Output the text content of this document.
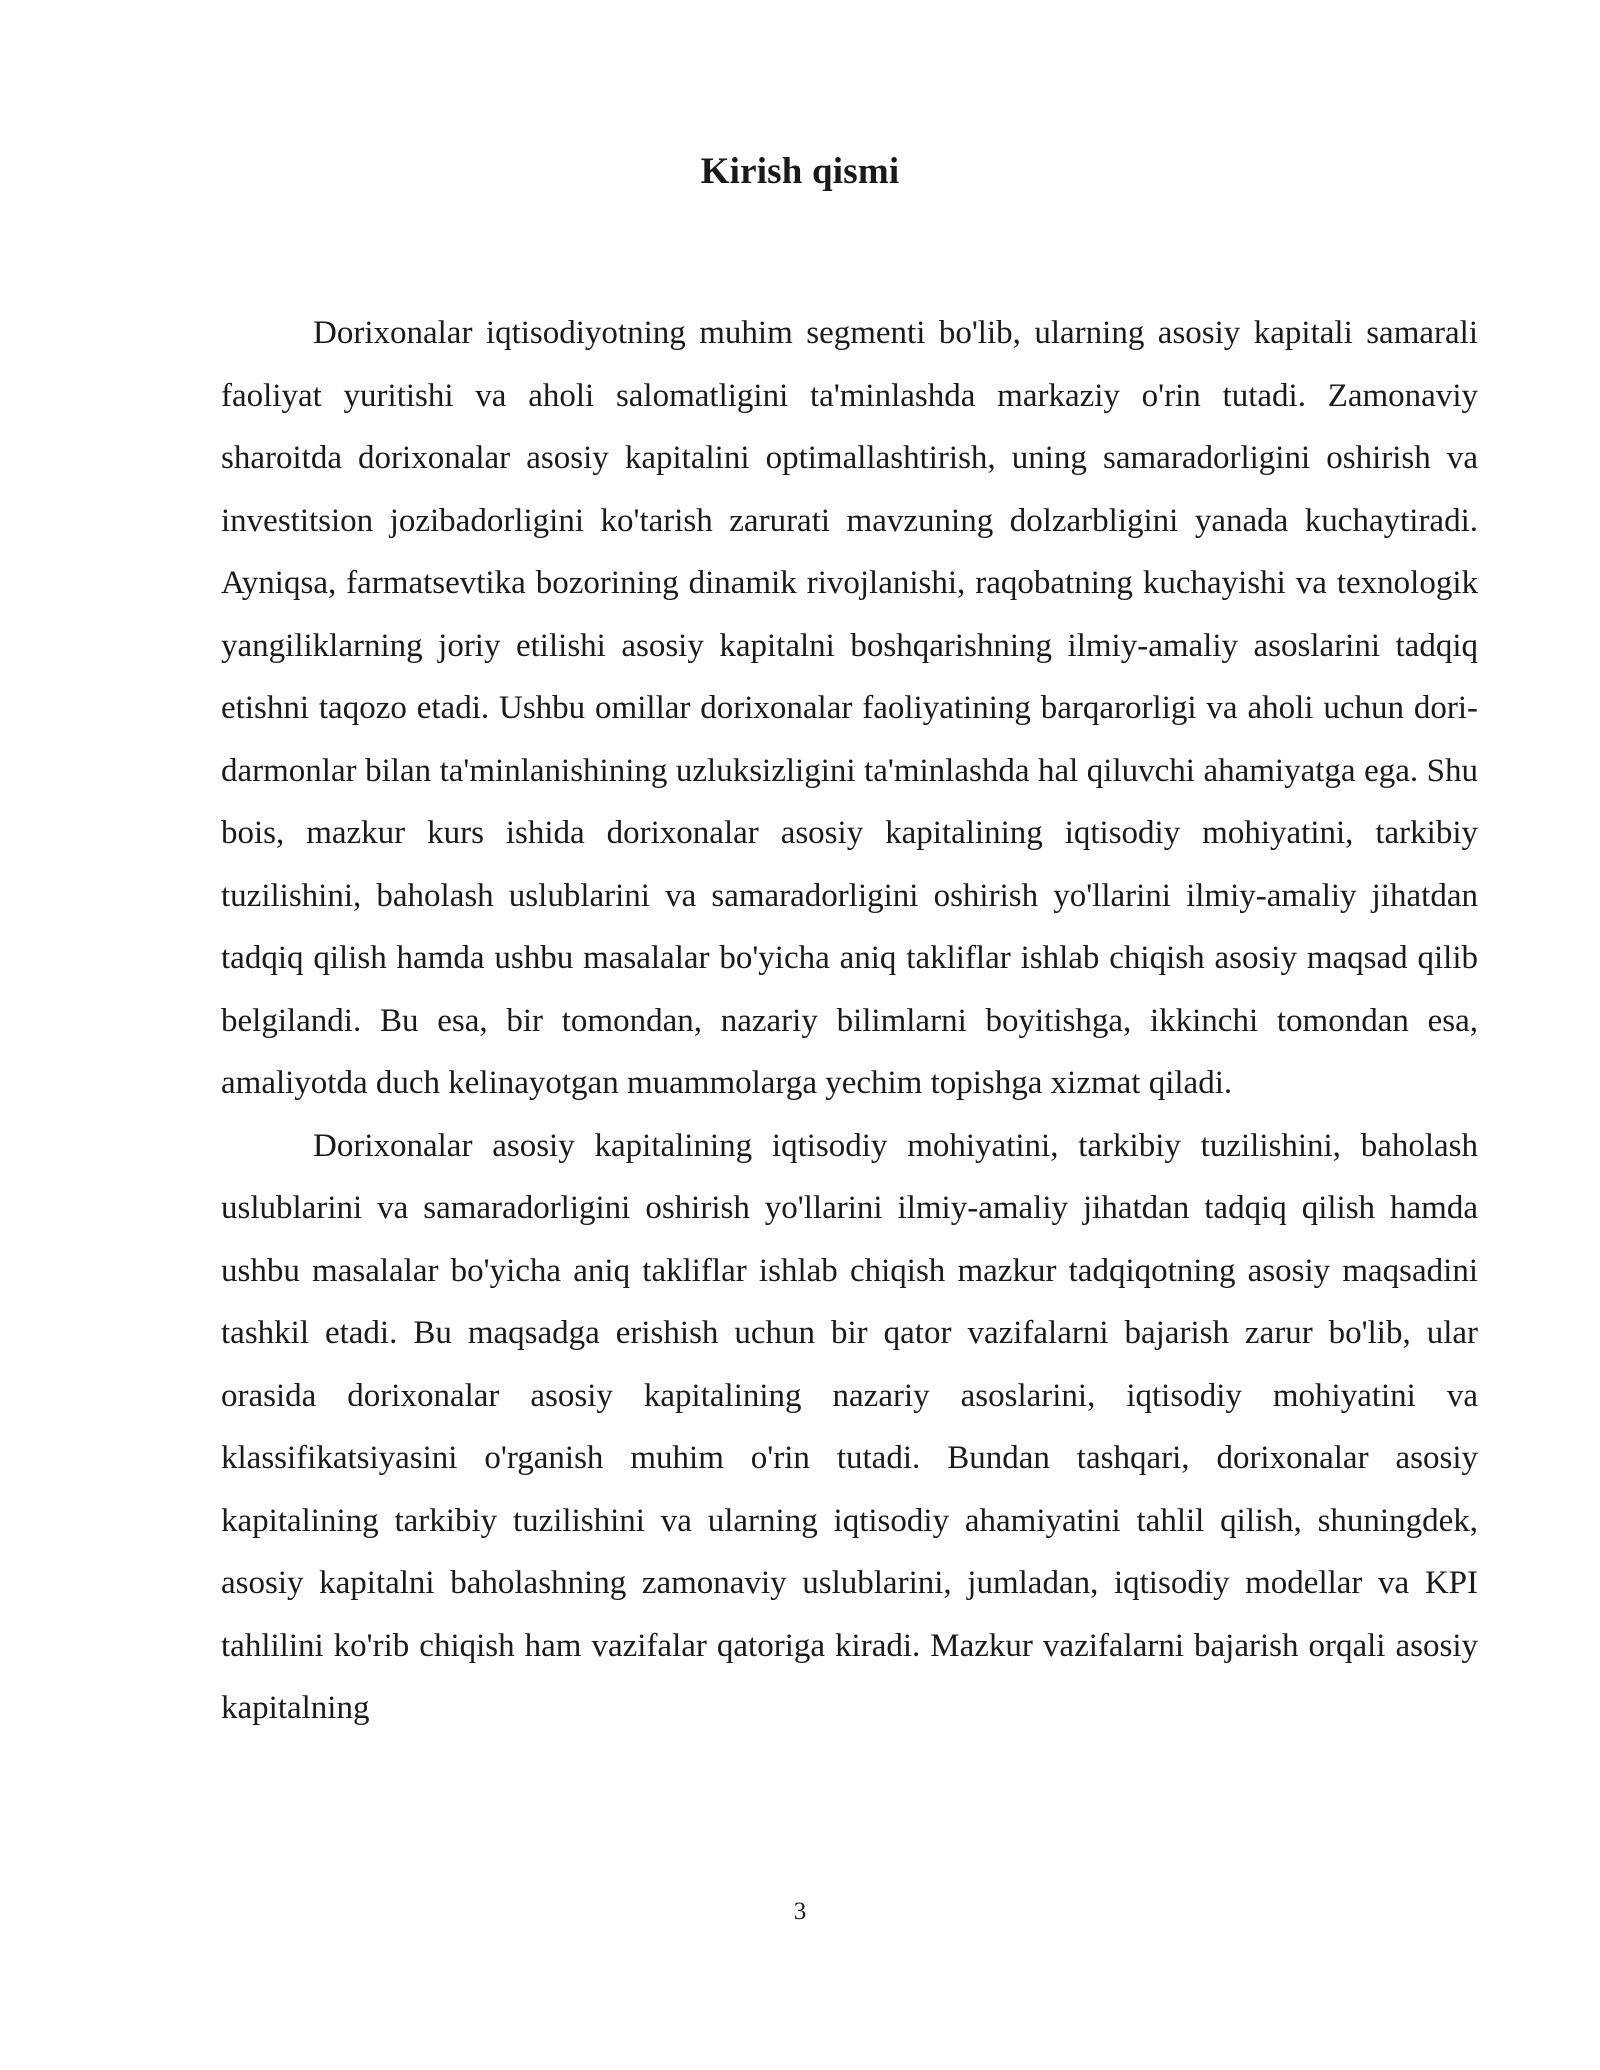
Kirish qismi

Dorixonalar iqtisodiyotning muhim segmenti bo'lib, ularning asosiy kapitali samarali faoliyat yuritishi va aholi salomatligini ta'minlashda markaziy o'rin tutadi. Zamonaviy sharoitda dorixonalar asosiy kapitalini optimallashtirish, uning samaradorligini oshirish va investitsion jozibadorligini ko'tarish zarurati mavzuning dolzarbligini yanada kuchaytiradi. Ayniqsa, farmatsevtika bozorining dinamik rivojlanishi, raqobatning kuchayishi va texnologik yangiliklarning joriy etilishi asosiy kapitalni boshqarishning ilmiy-amaliy asoslarini tadqiq etishni taqozo etadi. Ushbu omillar dorixonalar faoliyatining barqarorligi va aholi uchun dori-darmonlar bilan ta'minlanishining uzluksizligini ta'minlashda hal qiluvchi ahamiyatga ega. Shu bois, mazkur kurs ishida dorixonalar asosiy kapitalining iqtisodiy mohiyatini, tarkibiy tuzilishini, baholash uslublarini va samaradorligini oshirish yo'llarini ilmiy-amaliy jihatdan tadqiq qilish hamda ushbu masalalar bo'yicha aniq takliflar ishlab chiqish asosiy maqsad qilib belgilandi. Bu esa, bir tomondan, nazariy bilimlarni boyitishga, ikkinchi tomondan esa, amaliyotda duch kelinayotgan muammolarga yechim topishga xizmat qiladi.

Dorixonalar asosiy kapitalining iqtisodiy mohiyatini, tarkibiy tuzilishini, baholash uslublarini va samaradorligini oshirish yo'llarini ilmiy-amaliy jihatdan tadqiq qilish hamda ushbu masalalar bo'yicha aniq takliflar ishlab chiqish mazkur tadqiqotning asosiy maqsadini tashkil etadi. Bu maqsadga erishish uchun bir qator vazifalarni bajarish zarur bo'lib, ular orasida dorixonalar asosiy kapitalining nazariy asoslarini, iqtisodiy mohiyatini va klassifikatsiyasini o'rganish muhim o'rin tutadi. Bundan tashqari, dorixonalar asosiy kapitalining tarkibiy tuzilishini va ularning iqtisodiy ahamiyatini tahlil qilish, shuningdek, asosiy kapitalni baholashning zamonaviy uslublarini, jumladan, iqtisodiy modellar va KPI tahlilini ko'rib chiqish ham vazifalar qatoriga kiradi. Mazkur vazifalarni bajarish orqali asosiy kapitalning

3
